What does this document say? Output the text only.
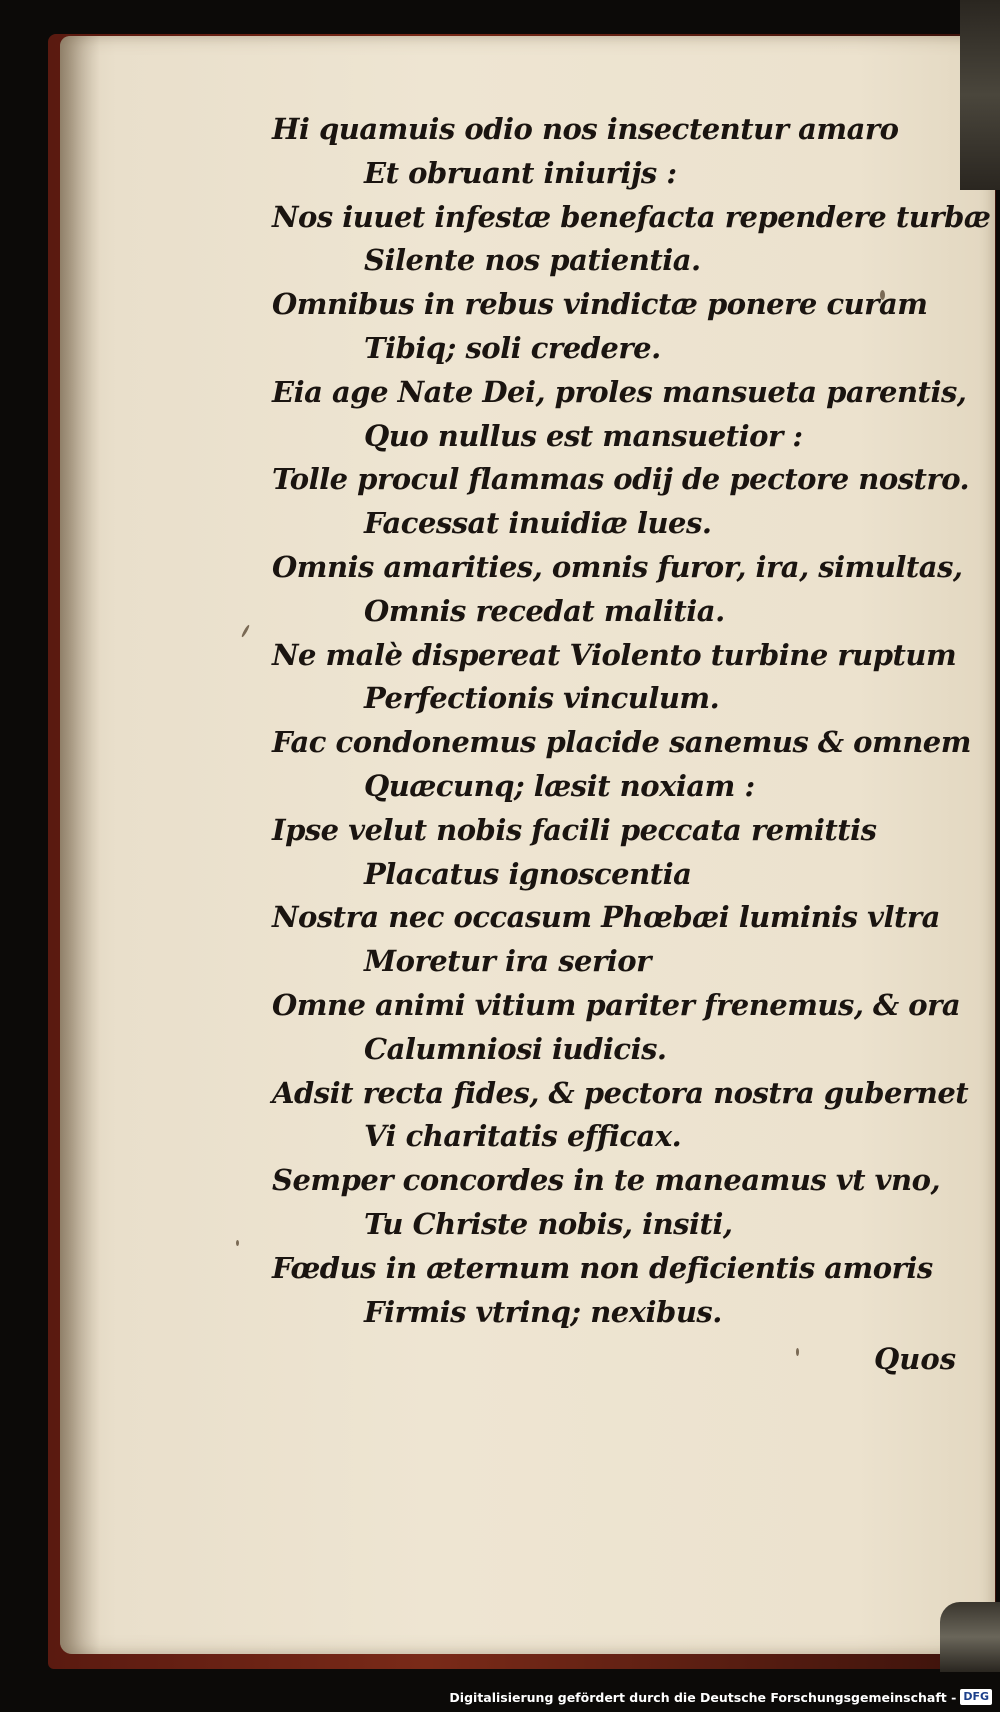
Hi quamuis odio nos insectentur amaro
Et obruant iniurijs :
Nos iuuet infestæ benefacta rependere turbæ
Silente nos patientia.
Omnibus in rebus vindictæ ponere curam
Tibiq; soli credere.
Eia age Nate Dei, proles mansueta parentis,
Quo nullus est mansuetior :
Tolle procul flammas odij de pectore nostro.
Facessat inuidiæ lues.
Omnis amarities, omnis furor, ira, simultas,
Omnis recedat malitia.
Ne malè disperеat Violento turbine ruptum
Perfectionis vinculum.
Fac condonemus placide sanemus & omnem
Quæcunq; læsit noxiam :
Ipse velut nobis facili peccata remittis
Placatus ignoscentia
Nostra nec occasum Phœbæi luminis vltra
Moretur ira serior
Omne animi vitium pariter frenemus, & ora
Calumniosi iudicis.
Adsit recta fides, & pectora nostra gubernet
Vi charitatis efficax.
Semper concordes in te maneamus vt vno,
Tu Christe nobis, insiti,
Fœdus in æternum non deficientis amoris
Firmis vtrinq; nexibus.
Quos
Digitalisierung gefördert durch die Deutsche Forschungsgemeinschaft - DFG
